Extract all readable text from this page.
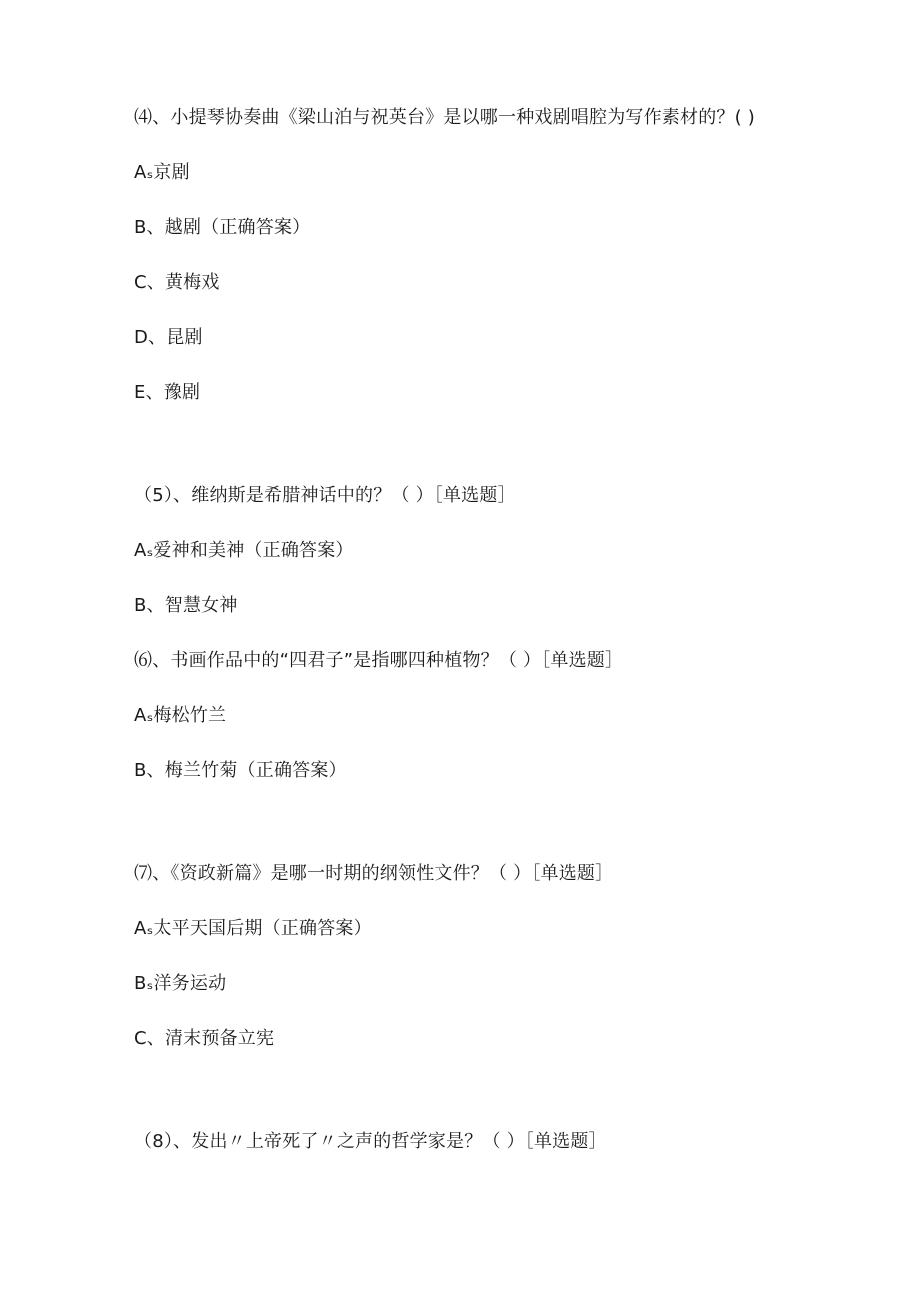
⑷、小提琴协奏曲《梁山泊与祝英台》是以哪一种戏剧唱腔为写作素材的？( )
Aₛ京剧
B、越剧（正确答案）
C、黄梅戏
D、昆剧
E、豫剧
（5）、维纳斯是希腊神话中的？（ ）［单选题］
Aₛ爱神和美神（正确答案）
B、智慧女神
⑹、书画作品中的“四君子”是指哪四种植物？（ ）［单选题］
Aₛ梅松竹兰
B、梅兰竹菊（正确答案）
⑺、《资政新篇》是哪一时期的纲领性文件？（ ）［单选题］
Aₛ太平天国后期（正确答案）
Bₛ洋务运动
C、清末预备立宪
（8）、发出〃上帝死了〃之声的哲学家是？（ ）［单选题］
